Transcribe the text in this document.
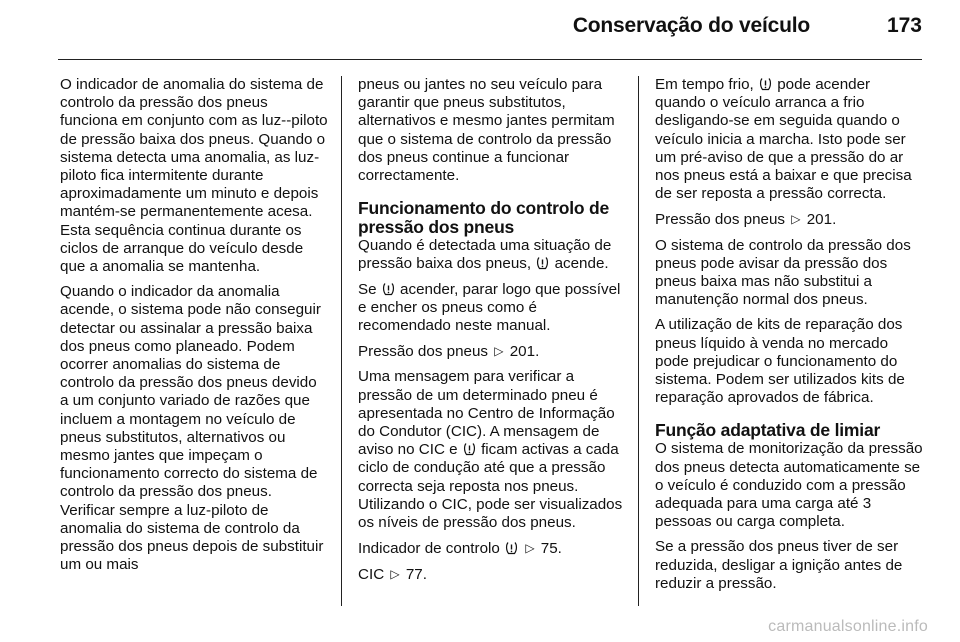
Conservação do veículo	173

O indicador de anomalia do sistema de controlo da pressão dos pneus funciona em conjunto com as luz--piloto de pressão baixa dos pneus. Quando o sistema detecta uma anomalia, as luz-piloto fica intermitente durante aproximadamente um minuto e depois mantém-se permanentemente acesa. Esta sequência continua durante os ciclos de arranque do veículo desde que a anomalia se mantenha.

Quando o indicador da anomalia acende, o sistema pode não conseguir detectar ou assinalar a pressão baixa dos pneus como planeado. Podem ocorrer anomalias do sistema de controlo da pressão dos pneus devido a um conjunto variado de razões que incluem a montagem no veículo de pneus substitutos, alternativos ou mesmo jantes que impeçam o funcionamento correcto do sistema de controlo da pressão dos pneus. Verificar sempre a luz-piloto de anomalia do sistema de controlo da pressão dos pneus depois de substituir um ou mais

pneus ou jantes no seu veículo para garantir que pneus substitutos, alternativos e mesmo jantes permitam que o sistema de controlo da pressão dos pneus continue a funcionar correctamente.

Funcionamento do controlo de pressão dos pneus

Quando é detectada uma situação de pressão baixa dos pneus, acende.

Se acender, parar logo que possível e encher os pneus como é recomendado neste manual.

Pressão dos pneus ▷ 201.

Uma mensagem para verificar a pressão de um determinado pneu é apresentada no Centro de Informação do Condutor (CIC). A mensagem de aviso no CIC e ficam activas a cada ciclo de condução até que a pressão correcta seja reposta nos pneus. Utilizando o CIC, pode ser visualizados os níveis de pressão dos pneus.

Indicador de controlo ▷ 75.

CIC ▷ 77.

Em tempo frio, pode acender quando o veículo arranca a frio desligando-se em seguida quando o veículo inicia a marcha. Isto pode ser um pré-aviso de que a pressão do ar nos pneus está a baixar e que precisa de ser reposta a pressão correcta.

Pressão dos pneus ▷ 201.

O sistema de controlo da pressão dos pneus pode avisar da pressão dos pneus baixa mas não substitui a manutenção normal dos pneus.

A utilização de kits de reparação dos pneus líquido à venda no mercado pode prejudicar o funcionamento do sistema. Podem ser utilizados kits de reparação aprovados de fábrica.

Função adaptativa de limiar

O sistema de monitorização da pressão dos pneus detecta automaticamente se o veículo é conduzido com a pressão adequada para uma carga até 3 pessoas ou carga completa.

Se a pressão dos pneus tiver de ser reduzida, desligar a ignição antes de reduzir a pressão.

carmanualsonline.info
